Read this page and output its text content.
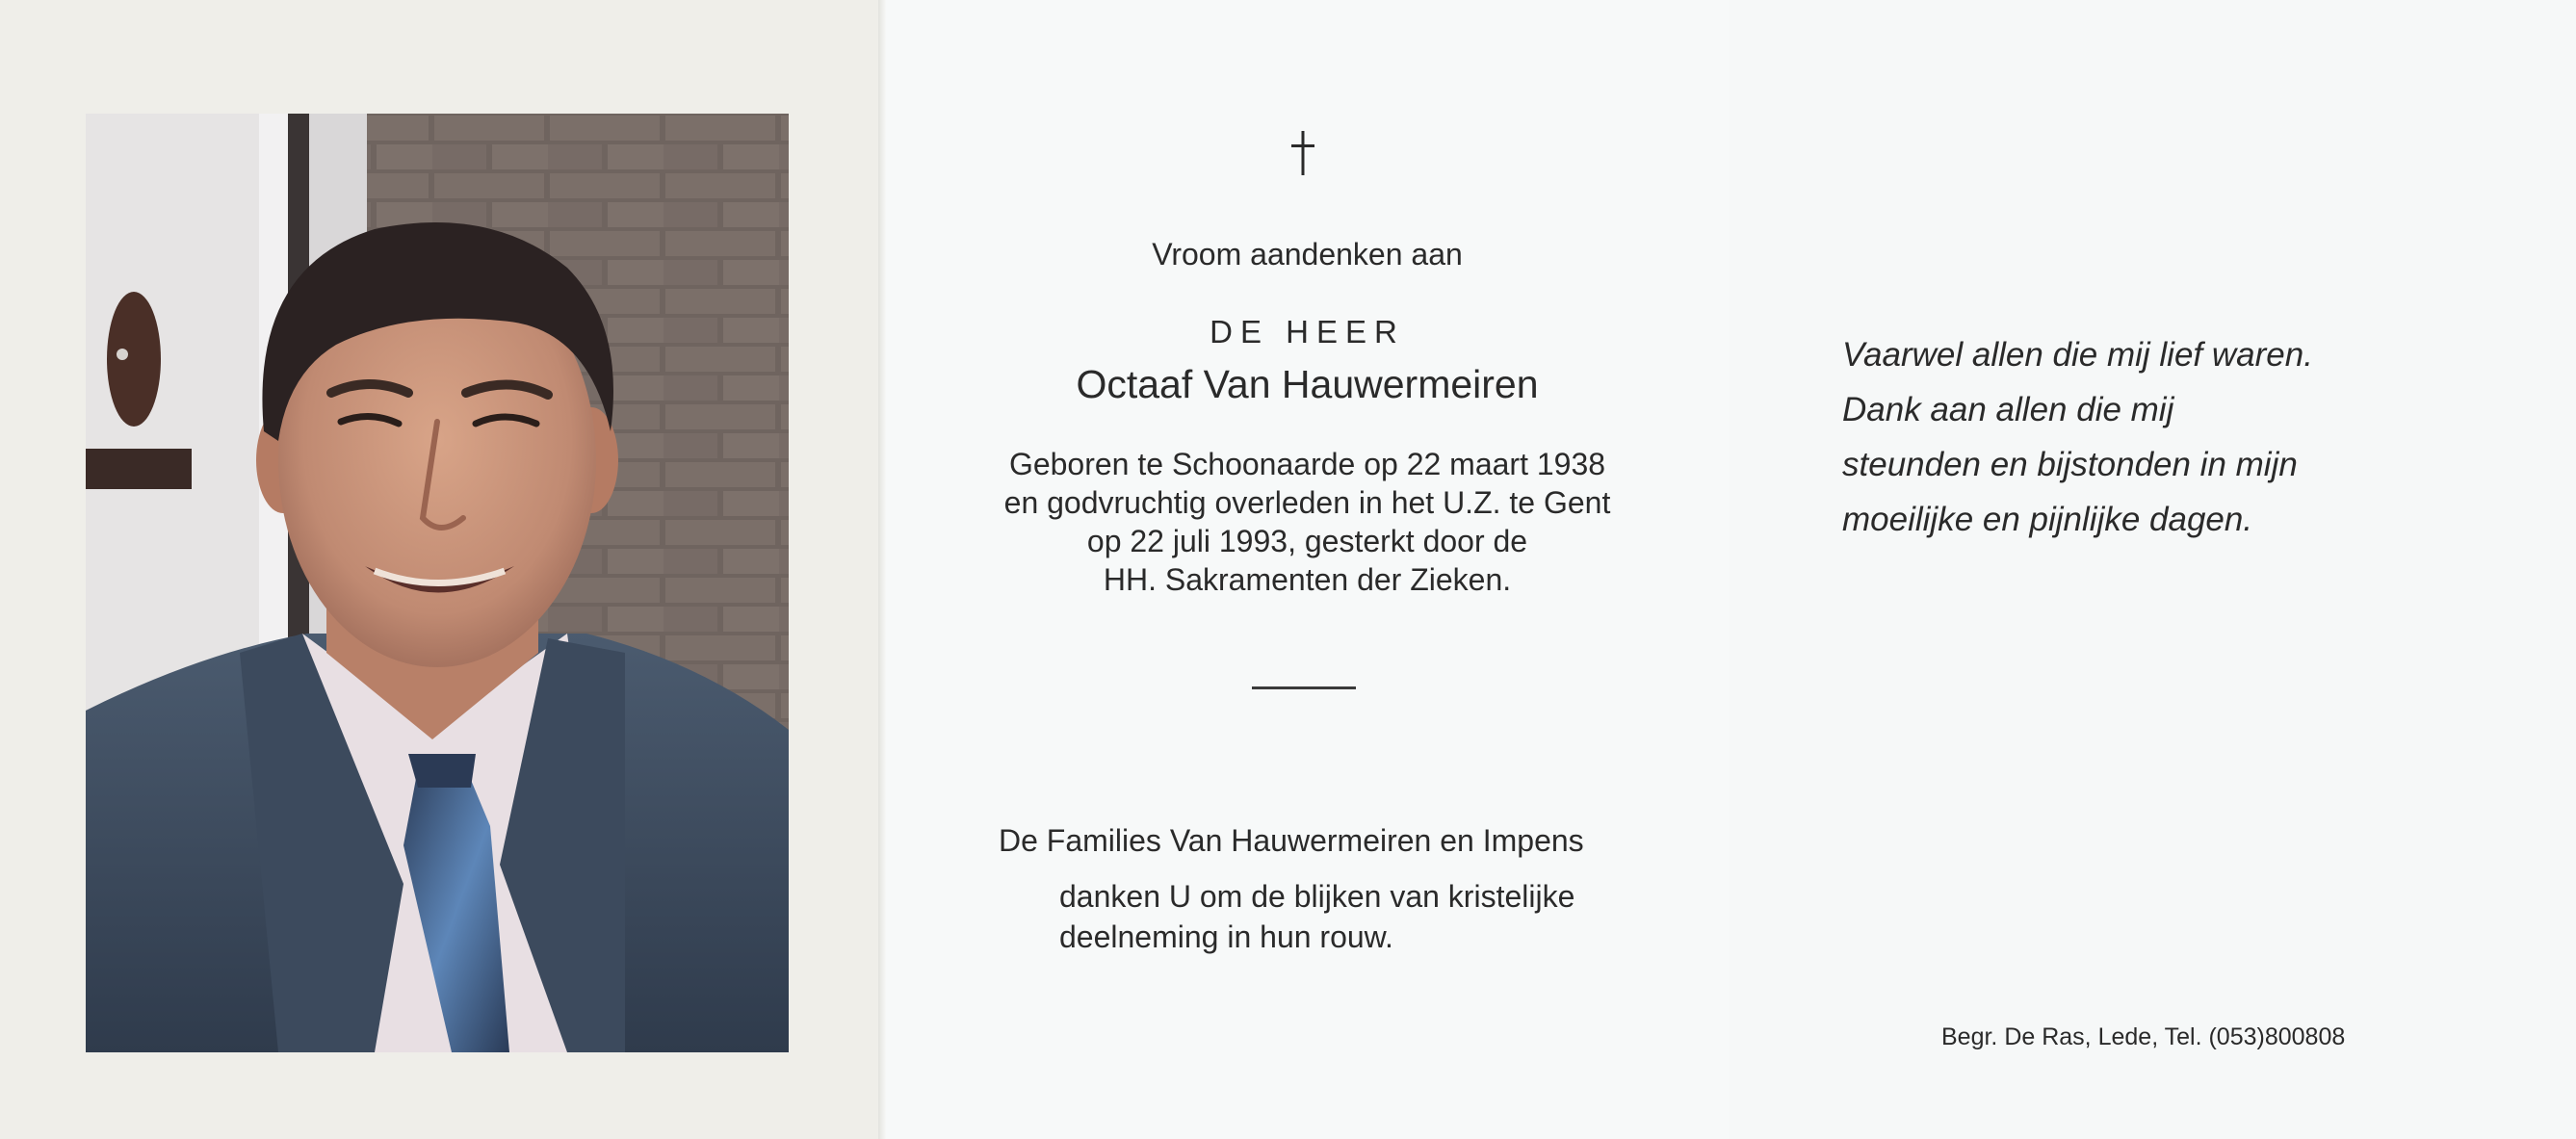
Vroom aandenken aan
DE HEER
Octaaf Van Hauwermeiren
Geboren te Schoonaarde op 22 maart 1938
en godvruchtig overleden in het U.Z. te Gent
op 22 juli 1993, gesterkt door de
HH. Sakramenten der Zieken.
De Families Van Hauwermeiren en Impens
danken U om de blijken van kristelijke
deelneming in hun rouw.
Vaarwel allen die mij lief waren.
Dank aan allen die mij
steunden en bijstonden in mijn
moeilijke en pijnlijke dagen.
Begr. De Ras, Lede, Tel. (053)800808
